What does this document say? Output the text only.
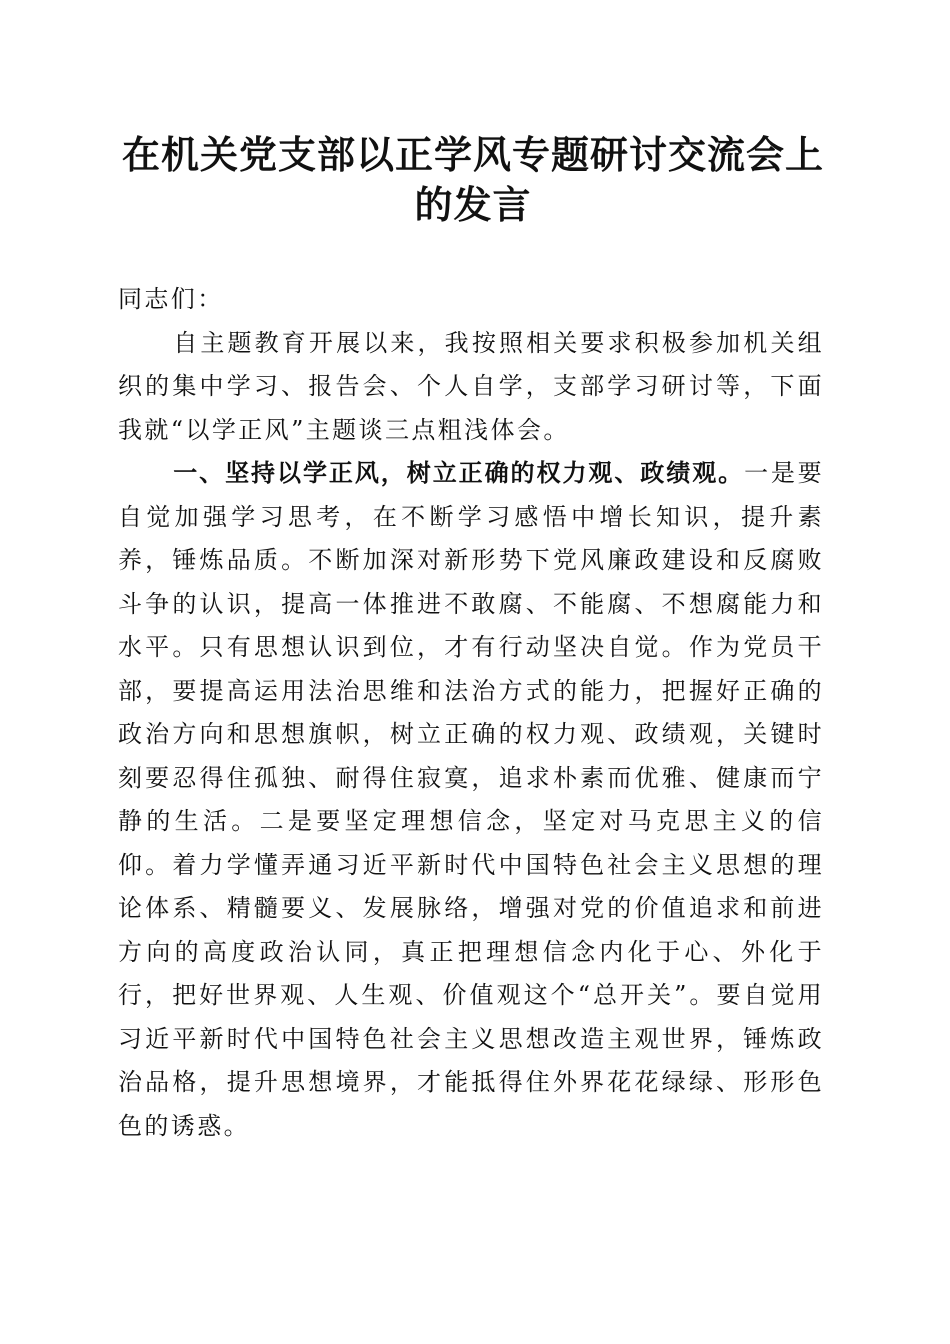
在机关党支部以正学风专题研讨交流会上的发言

同志们：

自主题教育开展以来，我按照相关要求积极参加机关组织的集中学习、报告会、个人自学，支部学习研讨等，下面我就“以学正风”主题谈三点粗浅体会。

一、坚持以学正风，树立正确的权力观、政绩观。一是要自觉加强学习思考，在不断学习感悟中增长知识，提升素养，锤炼品质。不断加深对新形势下党风廉政建设和反腐败斗争的认识，提高一体推进不敢腐、不能腐、不想腐能力和水平。只有思想认识到位，才有行动坚决自觉。作为党员干部，要提高运用法治思维和法治方式的能力，把握好正确的政治方向和思想旗帜，树立正确的权力观、政绩观，关键时刻要忍得住孤独、耐得住寂寞，追求朴素而优雅、健康而宁静的生活。二是要坚定理想信念，坚定对马克思主义的信仰。着力学懂弄通习近平新时代中国特色社会主义思想的理论体系、精髓要义、发展脉络，增强对党的价值追求和前进方向的高度政治认同，真正把理想信念内化于心、外化于行，把好世界观、人生观、价值观这个“总开关”。要自觉用习近平新时代中国特色社会主义思想改造主观世界，锤炼政治品格，提升思想境界，才能抵得住外界花花绿绿、形形色色的诱惑。
